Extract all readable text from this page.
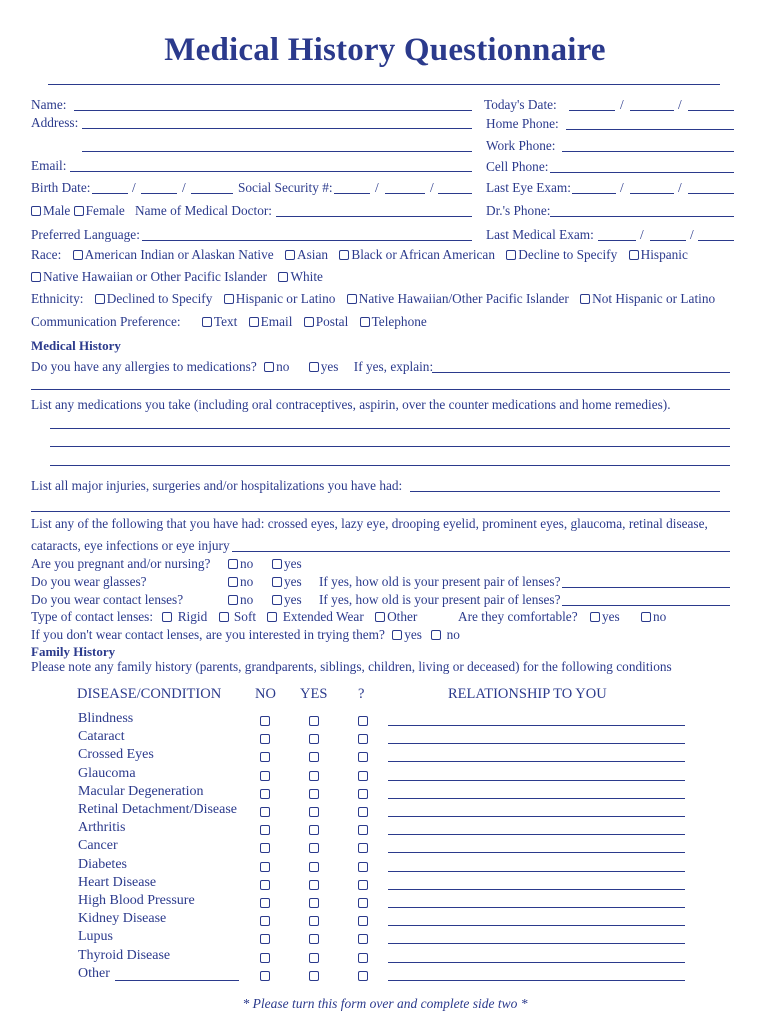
Medical History Questionnaire
Name:
Address:
Email:
Birth Date:	/	/	Social Security #:	/	/
Male Female Name of Medical Doctor:
Preferred Language:
Today's Date:	/	/
Home Phone:
Work Phone:
Cell Phone:
Last Eye Exam:	/	/
Dr.'s Phone:
Last Medical Exam:	/	/
Race: American Indian or Alaskan Native Asian Black or African American Decline to Specify Hispanic
Native Hawaiian or Other Pacific Islander White
Ethnicity: Declined to Specify Hispanic or Latino Native Hawaiian/Other Pacific Islander Not Hispanic or Latino
Communication Preference:	Text Email Postal Telephone
Medical History
Do you have any allergies to medications? no yes If yes, explain:
List any medications you take (including oral contraceptives, aspirin, over the counter medications and home remedies).
List all major injuries, surgeries and/or hospitalizations you have had:
List any of the following that you have had: crossed eyes, lazy eye, drooping eyelid, prominent eyes, glaucoma, retinal disease,
cataracts, eye infections or eye injury
Are you pregnant and/or nursing?	no	yes
Do you wear glasses?	no	yes If yes, how old is your present pair of lenses?
Do you wear contact lenses?	no	yes If yes, how old is your present pair of lenses?
Type of contact lenses: Rigid Soft Extended Wear Other	Are they comfortable?	yes	no
If you don't wear contact lenses, are you interested in trying them? yes no
Family History
Please note any family history (parents, grandparents, siblings, children, living or deceased) for the following conditions
DISEASE/CONDITION NO YES ?	RELATIONSHIP TO YOU
Blindness
Cataract
Crossed Eyes
Glaucoma
Macular Degeneration
Retinal Detachment/Disease
Arthritis
Cancer
Diabetes
Heart Disease
High Blood Pressure
Kidney Disease
Lupus
Thyroid Disease
Other
* Please turn this form over and complete side two *
